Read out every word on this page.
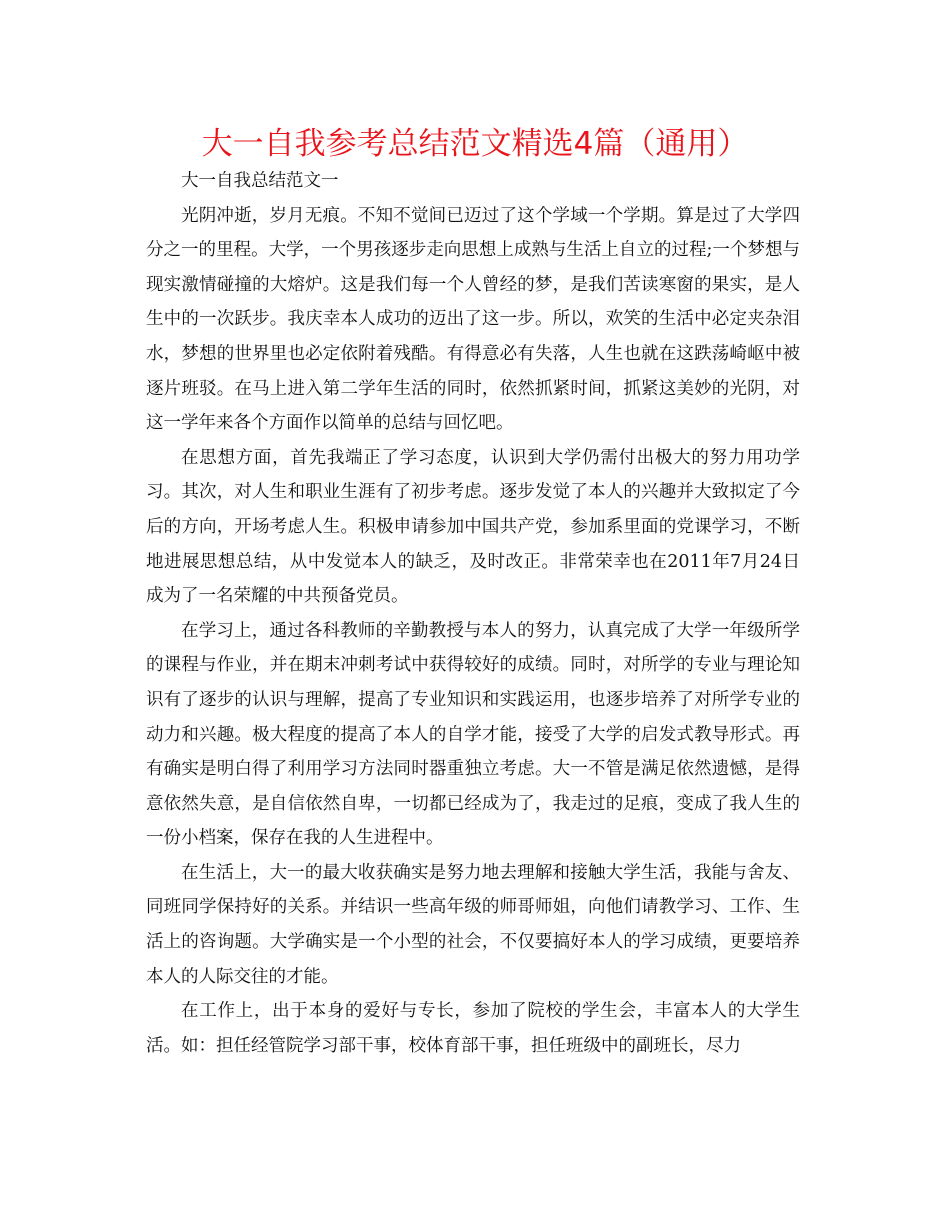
大一自我参考总结范文精选4篇（通用）

大一自我总结范文一

光阴冲逝，岁月无痕。不知不觉间已迈过了这个学域一个学期。算是过了大学四分之一的里程。大学，一个男孩逐步走向思想上成熟与生活上自立的过程;一个梦想与现实激情碰撞的大熔炉。这是我们每一个人曾经的梦，是我们苦读寒窗的果实，是人生中的一次跃步。我庆幸本人成功的迈出了这一步。所以，欢笑的生活中必定夹杂泪水，梦想的世界里也必定依附着残酷。有得意必有失落，人生也就在这跌荡崎岖中被逐片班驳。在马上进入第二学年生活的同时，依然抓紧时间，抓紧这美妙的光阴，对这一学年来各个方面作以简单的总结与回忆吧。

在思想方面，首先我端正了学习态度，认识到大学仍需付出极大的努力用功学习。其次，对人生和职业生涯有了初步考虑。逐步发觉了本人的兴趣并大致拟定了今后的方向，开场考虑人生。积极申请参加中国共产党，参加系里面的党课学习，不断地进展思想总结，从中发觉本人的缺乏，及时改正。非常荣幸也在2011年7月24日成为了一名荣耀的中共预备党员。

在学习上，通过各科教师的辛勤教授与本人的努力，认真完成了大学一年级所学的课程与作业，并在期末冲刺考试中获得较好的成绩。同时，对所学的专业与理论知识有了逐步的认识与理解，提高了专业知识和实践运用，也逐步培养了对所学专业的动力和兴趣。极大程度的提高了本人的自学才能，接受了大学的启发式教导形式。再有确实是明白得了利用学习方法同时器重独立考虑。大一不管是满足依然遗憾，是得意依然失意，是自信依然自卑，一切都已经成为了，我走过的足痕，变成了我人生的一份小档案，保存在我的人生进程中。

在生活上，大一的最大收获确实是努力地去理解和接触大学生活，我能与舍友、同班同学保持好的关系。并结识一些高年级的师哥师姐，向他们请教学习、工作、生活上的咨询题。大学确实是一个小型的社会，不仅要搞好本人的学习成绩，更要培养本人的人际交往的才能。

在工作上，出于本身的爱好与专长，参加了院校的学生会，丰富本人的大学生活。如：担任经管院学习部干事，校体育部干事，担任班级中的副班长，尽力
